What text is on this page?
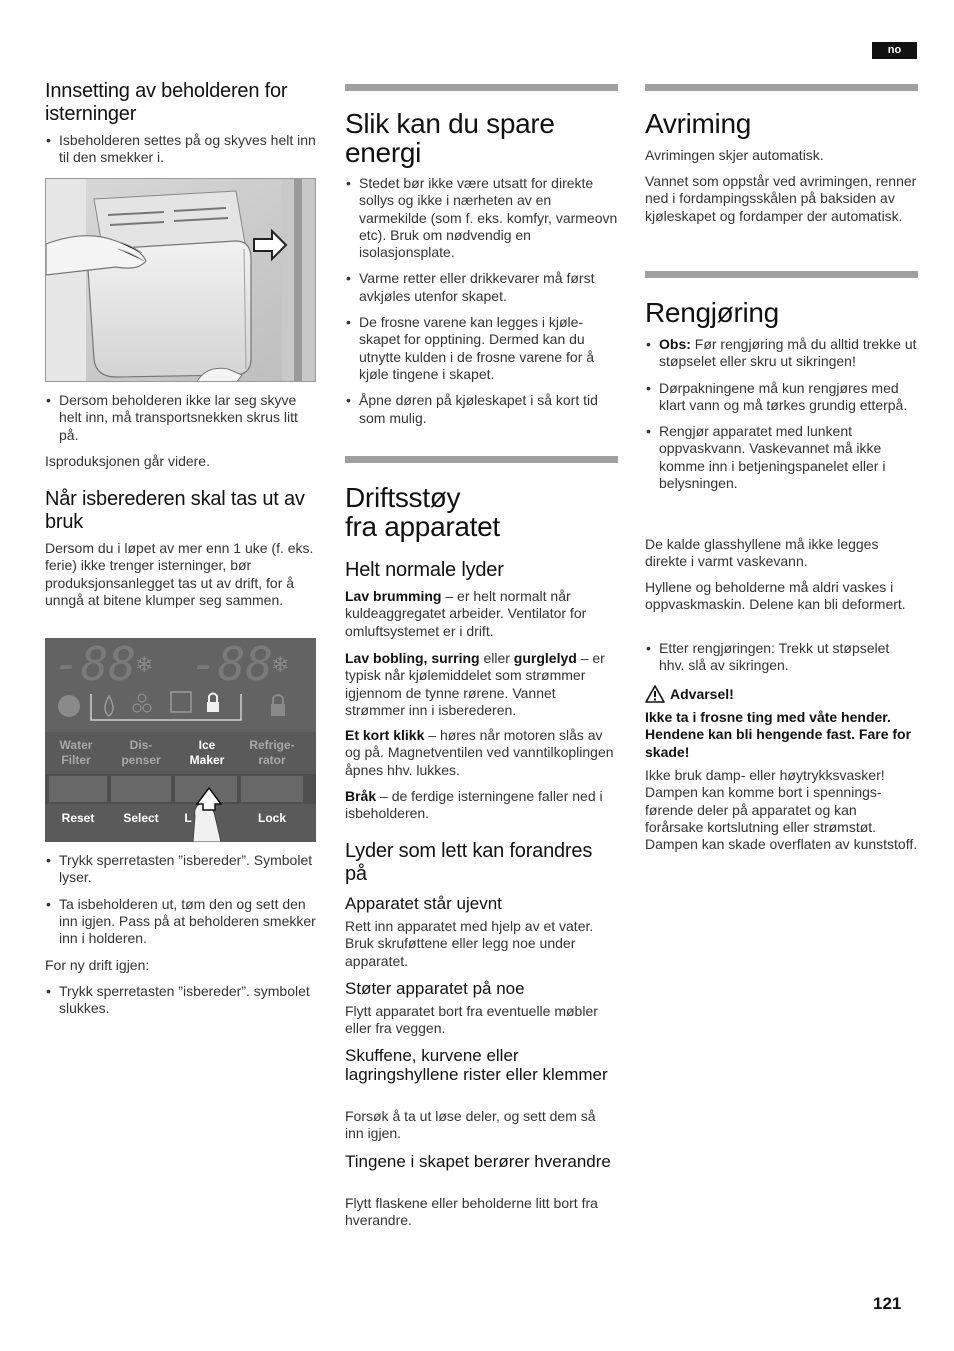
no
Innsetting av beholderen for isterninger
• Isbeholderen settes på og skyves helt inn til den smekker i.
• Dersom beholderen ikke lar seg skyve helt inn, må transportsnekken skrus litt på.

Isproduksjonen går videre.

Når isberederen skal tas ut av bruk

Dersom du i løpet av mer enn 1 uke (f. eks. ferie) ikke trenger isterninger, bør produksjonsanlegget tas ut av drift, for å unngå at bitene klumper seg sammen.

• Trykk sperretasten ”isbereder”. Symbolet lyser.
• Ta isbeholderen ut, tøm den og sett den inn igjen. Pass på at beholderen smekker inn i holderen.

For ny drift igjen:

• Trykk sperretasten ”isbereder”. symbolet slukkes.
-88 -88
❄	❄
Water
Filter
Dis-
penser
Ice
Maker
Refrige-
rator
Reset	Select	L	Lock
Slik kan du spare energi
• Stedet bør ikke være utsatt for direkte sollys og ikke i nærheten av en varmekilde (som f. eks. komfyr, varmeovn etc). Bruk om nødvendig en isolasjonsplate.
• Varme retter eller drikkevarer må først avkjøles utenfor skapet.
• De frosne varene kan legges i kjøle-skapet for opptining. Dermed kan du utnytte kulden i de frosne varene for å kjøle tingene i skapet.
• Åpne døren på kjøleskapet i så kort tid som mulig.
Driftsstøy
fra apparatet
Helt normale lyder

Lav brumming – er helt normalt når kuldeaggregatet arbeider. Ventilator for omluftsystemet er i drift.

Lav bobling, surring eller gurglelyd – er typisk når kjølemiddelet som strømmer igjennom de tynne rørene. Vannet strømmer inn i isberederen.

Et kort klikk – høres når motoren slås av og på. Magnetventilen ved vanntilkoplingen åpnes hhv. lukkes.

Bråk – de ferdige isterningene faller ned i isbeholderen.

Lyder som lett kan forandres på
Apparatet står ujevnt

Rett inn apparatet med hjelp av et vater. Bruk skruføttene eller legg noe under apparatet.

Støter apparatet på noe

Flytt apparatet bort fra eventuelle møbler eller fra veggen.

Skuffene, kurvene eller lagringshyllene rister eller klemmer

Forsøk å ta ut løse deler, og sett dem så inn igjen.

Tingene i skapet berører hverandre

Flytt flaskene eller beholderne litt bort fra hverandre.

Avriming

Avrimingen skjer automatisk.

Vannet som oppstår ved avrimingen, renner ned i fordampingsskålen på baksiden av kjøleskapet og fordamper der automatisk.

Rengjøring
• Obs: Før rengjøring må du alltid trekke ut støpselet eller skru ut sikringen!
• Dørpakningene må kun rengjøres med klart vann og må tørkes grundig etterpå.
• Rengjør apparatet med lunkent oppvaskvann. Vaskevannet må ikke komme inn i betjeningspanelet eller i belysningen.

De kalde glasshyllene må ikke legges direkte i varmt vaskevann.

Hyllene og beholderne må aldri vaskes i oppvaskmaskin. Delene kan bli deformert.

• Etter rengjøringen: Trekk ut støpselet hhv. slå av sikringen.
Advarsel!
Ikke ta i frosne ting med våte hender. Hendene kan bli hengende fast. Fare for skade!

Ikke bruk damp- eller høytrykksvasker! Dampen kan komme bort i spennings-førende deler på apparatet og kan forårsake kortslutning eller strømstøt. Dampen kan skade overflaten av kunststoff.

121
